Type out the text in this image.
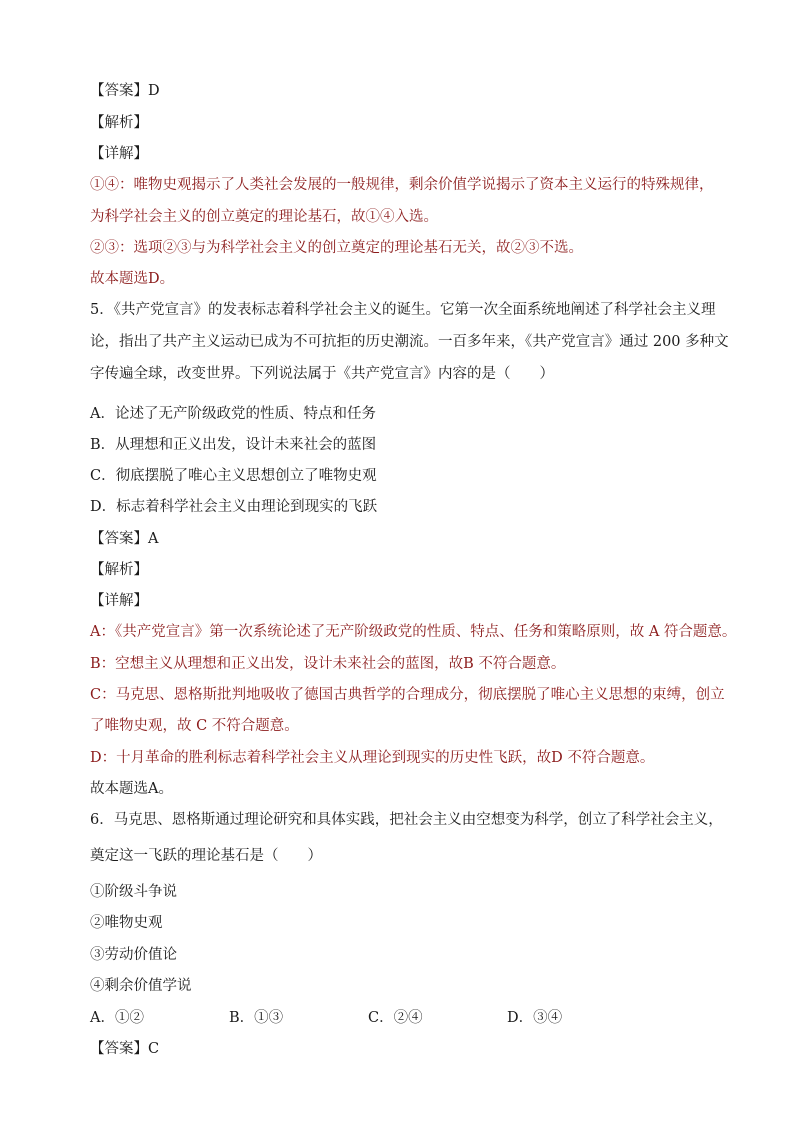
【答案】D
【解析】
【详解】
①④：唯物史观揭示了人类社会发展的一般规律，剩余价值学说揭示了资本主义运行的特殊规律，
为科学社会主义的创立奠定的理论基石，故①④入选。
②③：选项②③与为科学社会主义的创立奠定的理论基石无关，故②③不选。
故本题选D。
5．《共产党宣言》的发表标志着科学社会主义的诞生。它第一次全面系统地阐述了科学社会主义理
论，指出了共产主义运动已成为不可抗拒的历史潮流。一百多年来，《共产党宣言》通过 200 多种文
字传遍全球，改变世界。下列说法属于《共产党宣言》内容的是（　　）
A．论述了无产阶级政党的性质、特点和任务
B．从理想和正义出发，设计未来社会的蓝图
C．彻底摆脱了唯心主义思想创立了唯物史观
D．标志着科学社会主义由理论到现实的飞跃
【答案】A
【解析】
【详解】
A：《共产党宣言》第一次系统论述了无产阶级政党的性质、特点、任务和策略原则，故 A 符合题意。
B：空想主义从理想和正义出发，设计未来社会的蓝图，故B 不符合题意。
C：马克思、恩格斯批判地吸收了德国古典哲学的合理成分，彻底摆脱了唯心主义思想的束缚，创立
了唯物史观，故 C 不符合题意。
D：十月革命的胜利标志着科学社会主义从理论到现实的历史性飞跃，故D 不符合题意。
故本题选A。
6．马克思、恩格斯通过理论研究和具体实践，把社会主义由空想变为科学，创立了科学社会主义，
奠定这一飞跃的理论基石是（　　）
①阶级斗争说
②唯物史观
③劳动价值论
④剩余价值学说
A．①②	B．①③	C．②④	D．③④
【答案】C
